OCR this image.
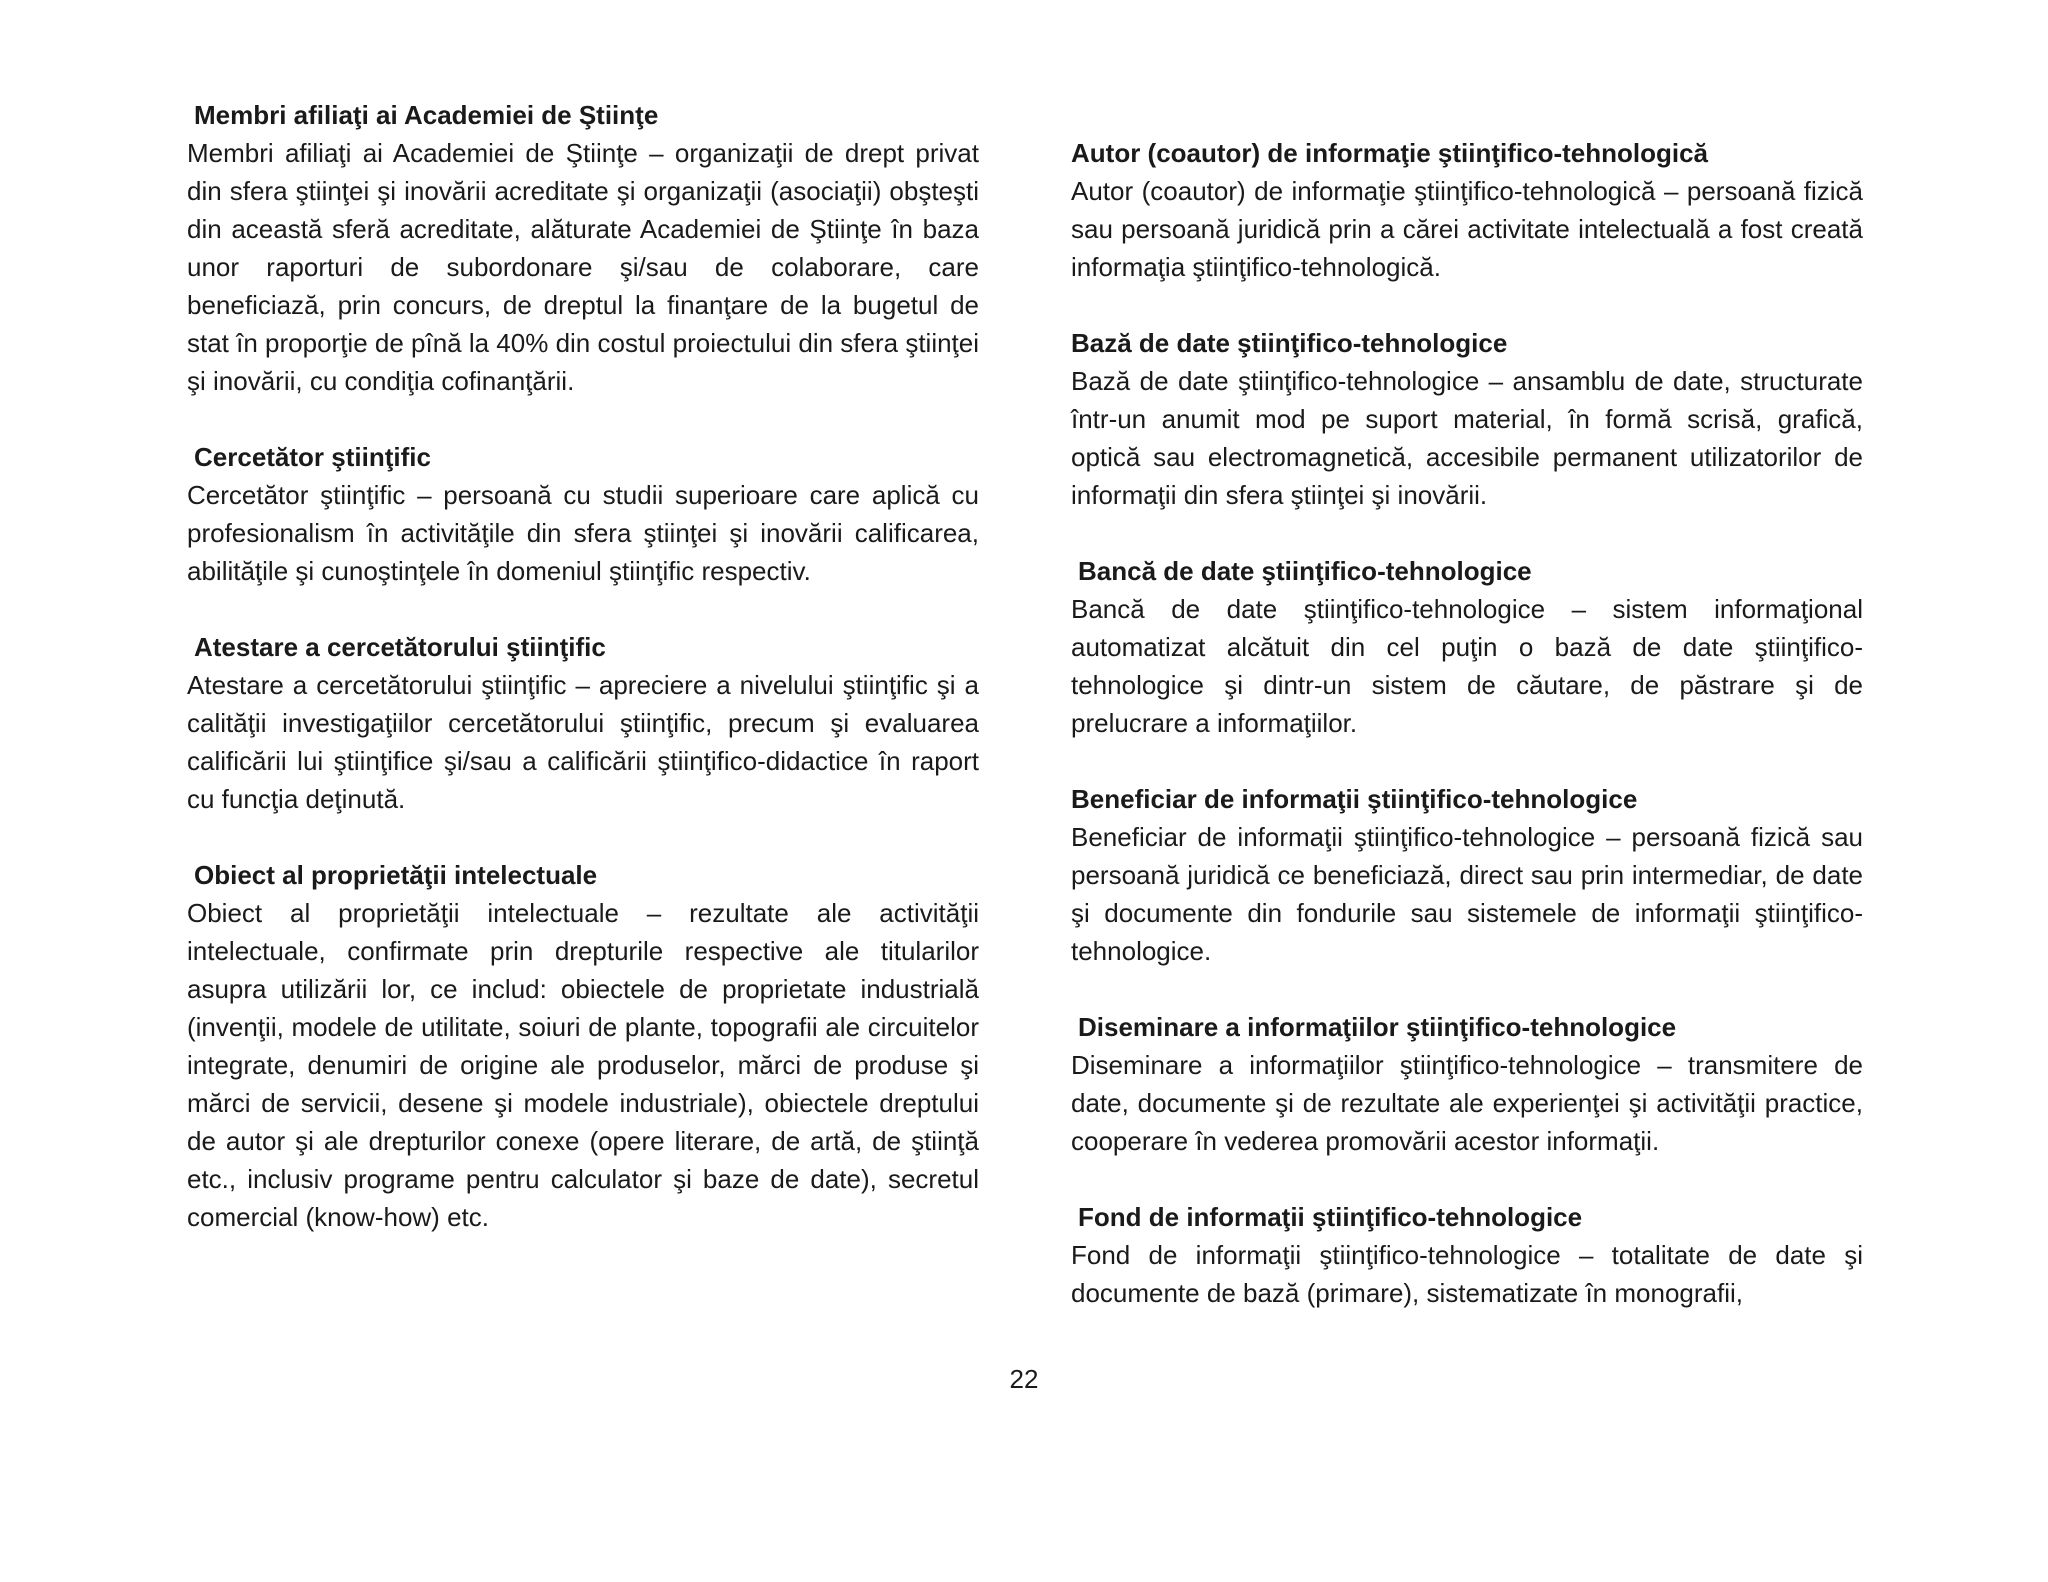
Membri afiliaţi ai Academiei de Ştiinţe

Membri afiliaţi ai Academiei de Ştiinţe – organizaţii de drept privat din sfera ştiinţei şi inovării acreditate şi organizaţii (asociaţii) obşteşti din această sferă acreditate, alăturate Academiei de Ştiinţe în baza unor raporturi de subordonare şi/sau de colaborare, care beneficiază, prin concurs, de dreptul la finanţare de la bugetul de stat în proporţie de pînă la 40% din costul proiectului din sfera ştiinţei şi inovării, cu condiţia cofinanţării.

Cercetător ştiinţific

Cercetător ştiinţific – persoană cu studii superioare care aplică cu profesionalism în activităţile din sfera ştiinţei şi inovării calificarea, abilităţile şi cunoştinţele în domeniul ştiinţific respectiv.

Atestare a cercetătorului ştiinţific

Atestare a cercetătorului ştiinţific – apreciere a nivelului ştiinţific şi a calităţii investigaţiilor cercetătorului ştiinţific, precum şi evaluarea calificării lui ştiinţifice şi/sau a calificării ştiinţifico-didactice în raport cu funcţia deţinută.

Obiect al proprietăţii intelectuale

Obiect al proprietăţii intelectuale – rezultate ale activităţii intelectuale, confirmate prin drepturile respective ale titularilor asupra utilizării lor, ce includ: obiectele de proprietate industrială (invenţii, modele de utilitate, soiuri de plante, topografii ale circuitelor integrate, denumiri de origine ale produselor, mărci de produse şi mărci de servicii, desene şi modele industriale), obiectele dreptului de autor şi ale drepturilor conexe (opere literare, de artă, de ştiinţă etc., inclusiv programe pentru calculator şi baze de date), secretul comercial (know-how) etc.

Autor (coautor) de informaţie ştiinţifico-tehnologică

Autor (coautor) de informaţie ştiinţifico-tehnologică – persoană fizică sau persoană juridică prin a cărei activitate intelectuală a fost creată informaţia ştiinţifico-tehnologică.

Bază de date ştiinţifico-tehnologice

Bază de date ştiinţifico-tehnologice – ansamblu de date, structurate într-un anumit mod pe suport material, în formă scrisă, grafică, optică sau electromagnetică, accesibile permanent utilizatorilor de informaţii din sfera ştiinţei şi inovării.

Bancă de date ştiinţifico-tehnologice

Bancă de date ştiinţifico-tehnologice – sistem informaţional automatizat alcătuit din cel puţin o bază de date ştiinţifico-tehnologice şi dintr-un sistem de căutare, de păstrare şi de prelucrare a informaţiilor.

Beneficiar de informaţii ştiinţifico-tehnologice

Beneficiar de informaţii ştiinţifico-tehnologice – persoană fizică sau persoană juridică ce beneficiază, direct sau prin intermediar, de date şi documente din fondurile sau sistemele de informaţii ştiinţifico-tehnologice.

Diseminare a informaţiilor ştiinţifico-tehnologice

Diseminare a informaţiilor ştiinţifico-tehnologice – transmitere de date, documente şi de rezultate ale experienţei şi activităţii practice, cooperare în vederea promovării acestor informaţii.

Fond de informaţii ştiinţifico-tehnologice

Fond de informaţii ştiinţifico-tehnologice – totalitate de date şi documente de bază (primare), sistematizate în monografii,

22
